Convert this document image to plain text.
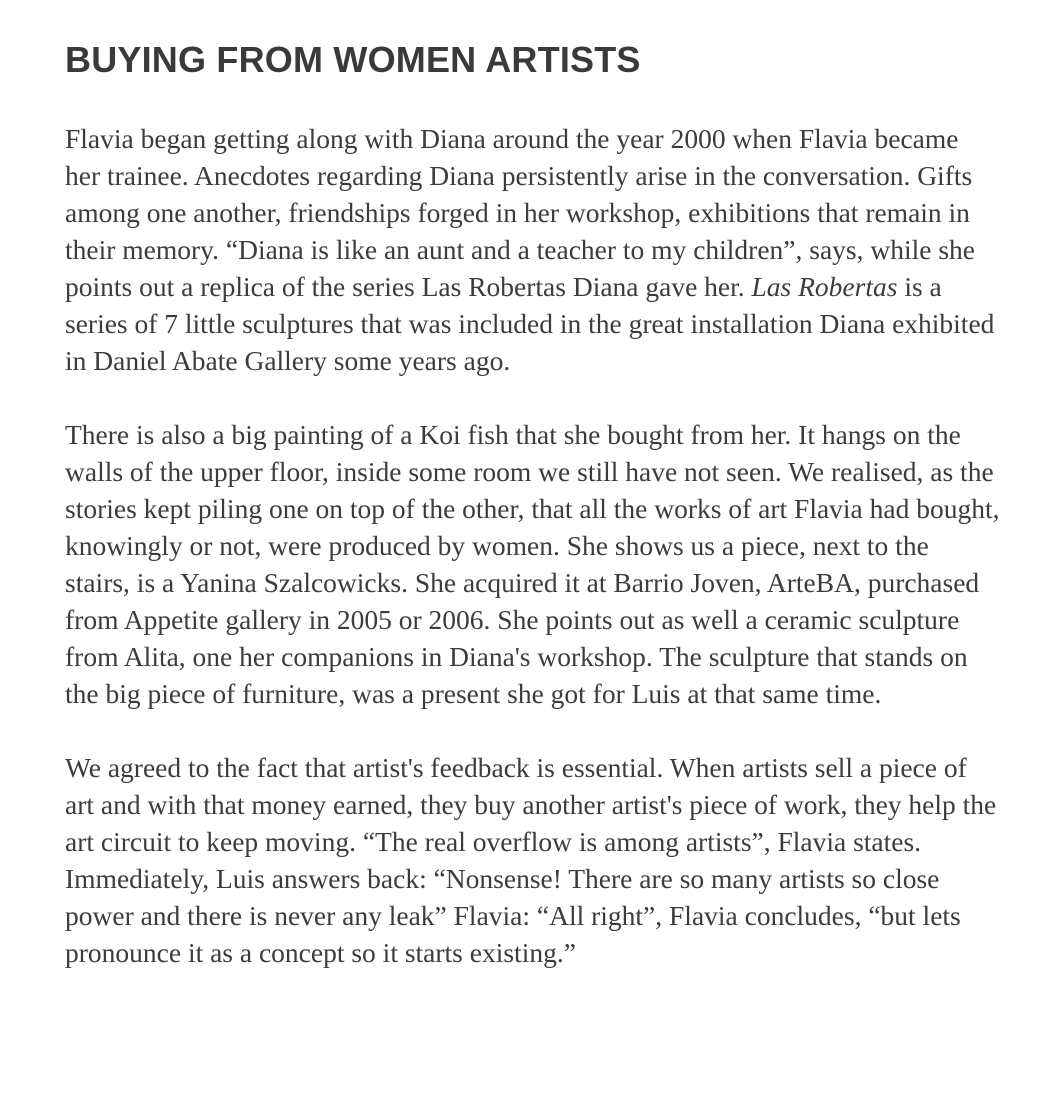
BUYING FROM WOMEN ARTISTS

Flavia began getting along with Diana around the year 2000 when Flavia became her trainee. Anecdotes regarding Diana persistently arise in the conversation. Gifts among one another, friendships forged in her workshop, exhibitions that remain in their memory. “Diana is like an aunt and a teacher to my children”, says, while she points out a replica of the series Las Robertas Diana gave her. Las Robertas is a series of 7 little sculptures that was included in the great installation Diana exhibited in Daniel Abate Gallery some years ago.

There is also a big painting of a Koi fish that she bought from her. It hangs on the walls of the upper floor, inside some room we still have not seen. We realised, as the stories kept piling one on top of the other, that all the works of art Flavia had bought, knowingly or not, were produced by women. She shows us a piece, next to the stairs, is a Yanina Szalcowicks. She acquired it at Barrio Joven, ArteBA, purchased from Appetite gallery in 2005 or 2006. She points out as well a ceramic sculpture from Alita, one her companions in Diana's workshop. The sculpture that stands on the big piece of furniture, was a present she got for Luis at that same time.

We agreed to the fact that artist's feedback is essential. When artists sell a piece of art and with that money earned, they buy another artist's piece of work, they help the art circuit to keep moving. “The real overflow is among artists”, Flavia states. Immediately, Luis answers back: “Nonsense! There are so many artists so close power and there is never any leak” Flavia: “All right”, Flavia concludes, “but lets pronounce it as a concept so it starts existing.”
